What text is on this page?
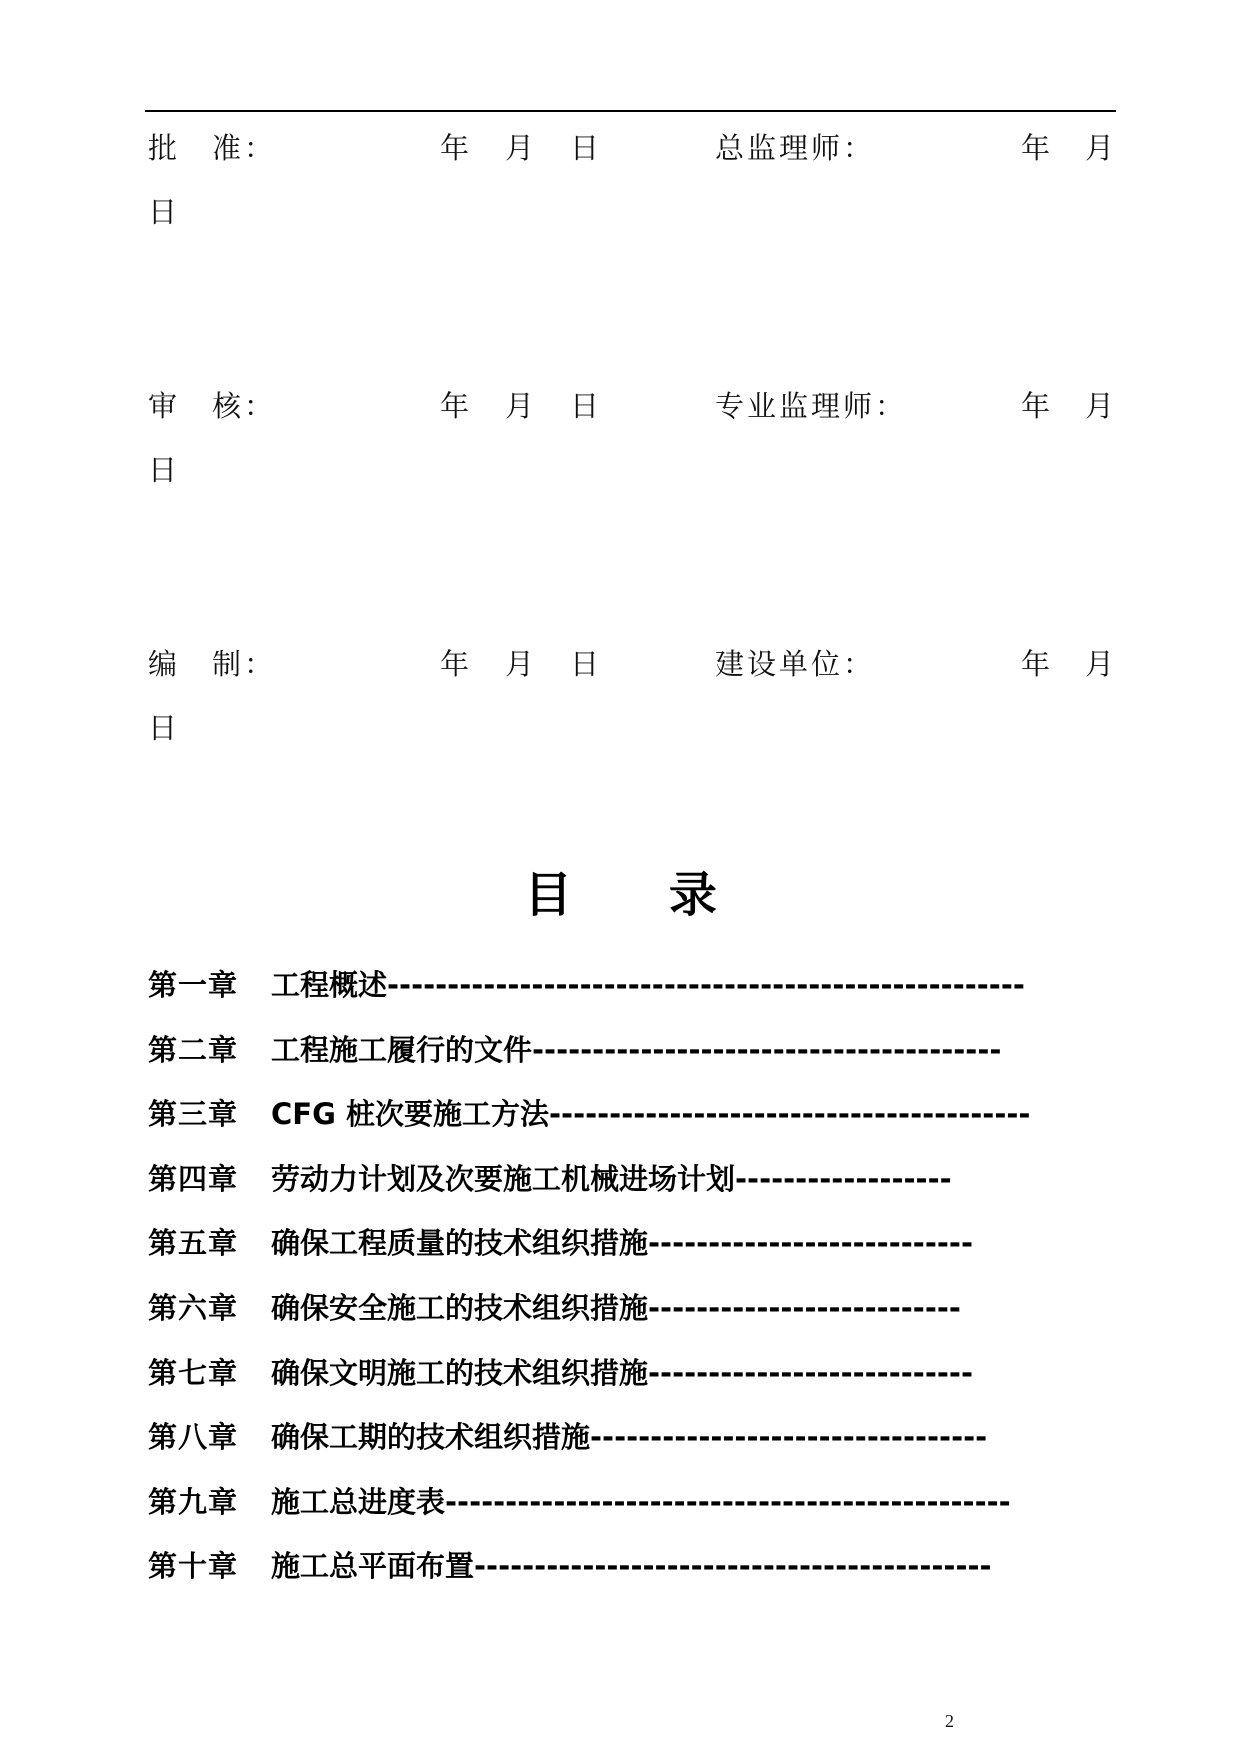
批　准：	年 月 日	总监理师：	年 月
日
审　核：	年 月 日	专业监理师：	年 月
日
编　制：	年 月 日	建设单位：	年 月
日
目 录
第一章 工程概述-----------------------------------------------------
第二章 工程施工履行的文件---------------------------------------
第三章 CFG 桩次要施工方法----------------------------------------
第四章 劳动力计划及次要施工机械进场计划------------------
第五章 确保工程质量的技术组织措施---------------------------
第六章 确保安全施工的技术组织措施--------------------------
第七章 确保文明施工的技术组织措施---------------------------
第八章 确保工期的技术组织措施---------------------------------
第九章 施工总进度表-----------------------------------------------
第十章 施工总平面布置-------------------------------------------
2
